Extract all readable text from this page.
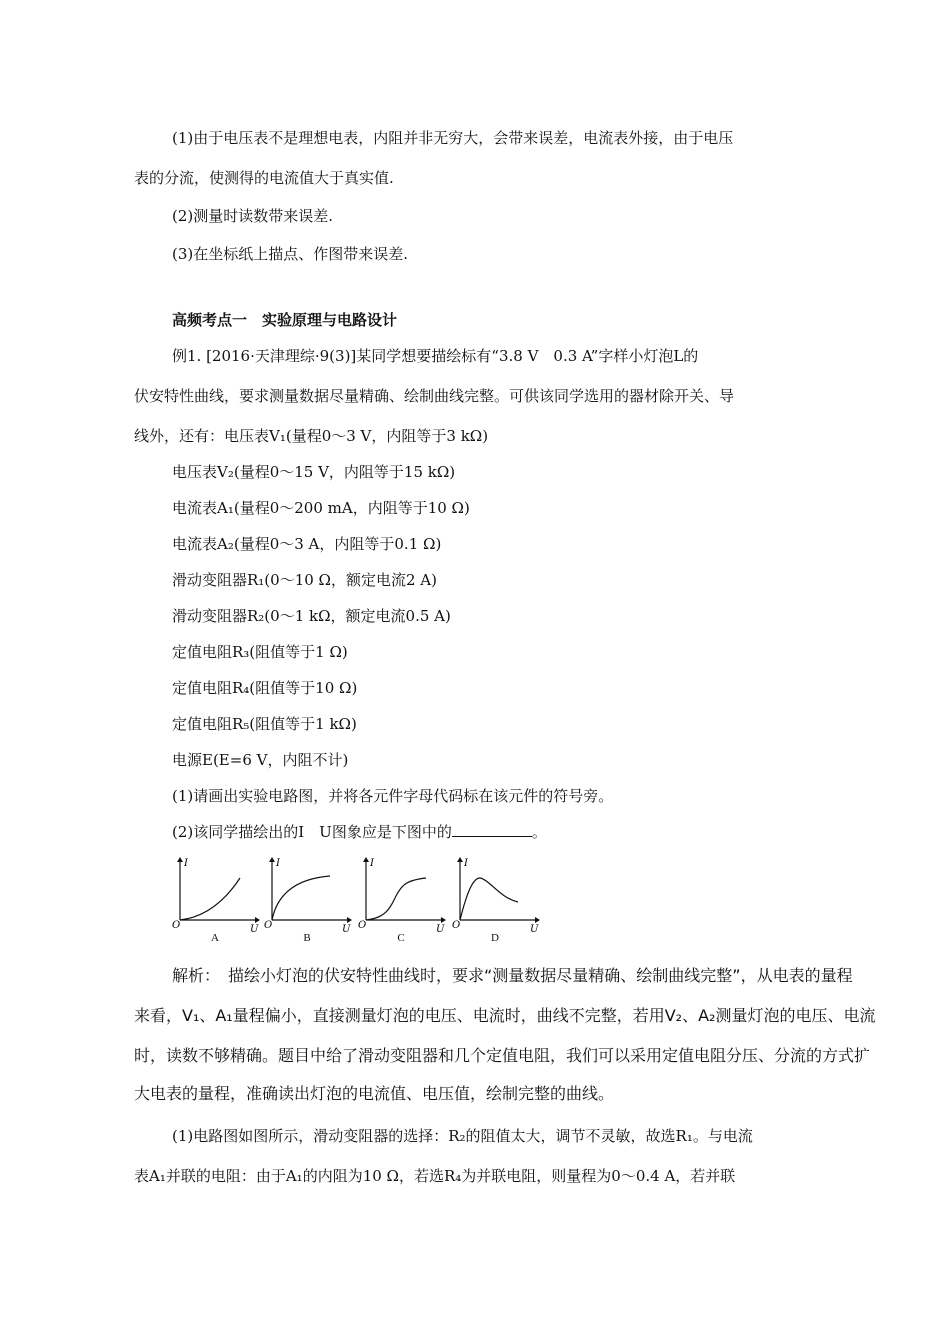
(1)由于电压表不是理想电表，内阻并非无穷大，会带来误差，电流表外接，由于电压
表的分流，使测得的电流值大于真实值.
(2)测量时读数带来误差.
(3)在坐标纸上描点、作图带来误差.
高频考点一　实验原理与电路设计
例1. [2016·天津理综·9(3)]某同学想要描绘标有“3.8 V　0.3 A”字样小灯泡L的
伏安特性曲线，要求测量数据尽量精确、绘制曲线完整。可供该同学选用的器材除开关、导
线外，还有：电压表V₁(量程0～3 V，内阻等于3 kΩ)
电压表V₂(量程0～15 V，内阻等于15 kΩ)
电流表A₁(量程0～200 mA，内阻等于10 Ω)
电流表A₂(量程0～3 A，内阻等于0.1 Ω)
滑动变阻器R₁(0～10 Ω，额定电流2 A)
滑动变阻器R₂(0～1 kΩ，额定电流0.5 A)
定值电阻R₃(阻值等于1 Ω)
定值电阻R₄(阻值等于10 Ω)
定值电阻R₅(阻值等于1 kΩ)
电源E(E=6 V，内阻不计)
(1)请画出实验电路图，并将各元件字母代码标在该元件的符号旁。
(2)该同学描绘出的I　U图象应是下图中的	。
I
O	U
A
I
O	U
B
I
O	U
C
I
O	U
D
解析：　描绘小灯泡的伏安特性曲线时，要求“测量数据尽量精确、绘制曲线完整”，从电表的量程
来看，V₁、A₁量程偏小，直接测量灯泡的电压、电流时，曲线不完整，若用V₂、A₂测量灯泡的电压、电流
时，读数不够精确。题目中给了滑动变阻器和几个定值电阻，我们可以采用定值电阻分压、分流的方式扩
大电表的量程，准确读出灯泡的电流值、电压值，绘制完整的曲线。
(1)电路图如图所示，滑动变阻器的选择：R₂的阻值太大，调节不灵敏，故选R₁。与电流
表A₁并联的电阻：由于A₁的内阻为10 Ω，若选R₄为并联电阻，则量程为0～0.4 A，若并联
